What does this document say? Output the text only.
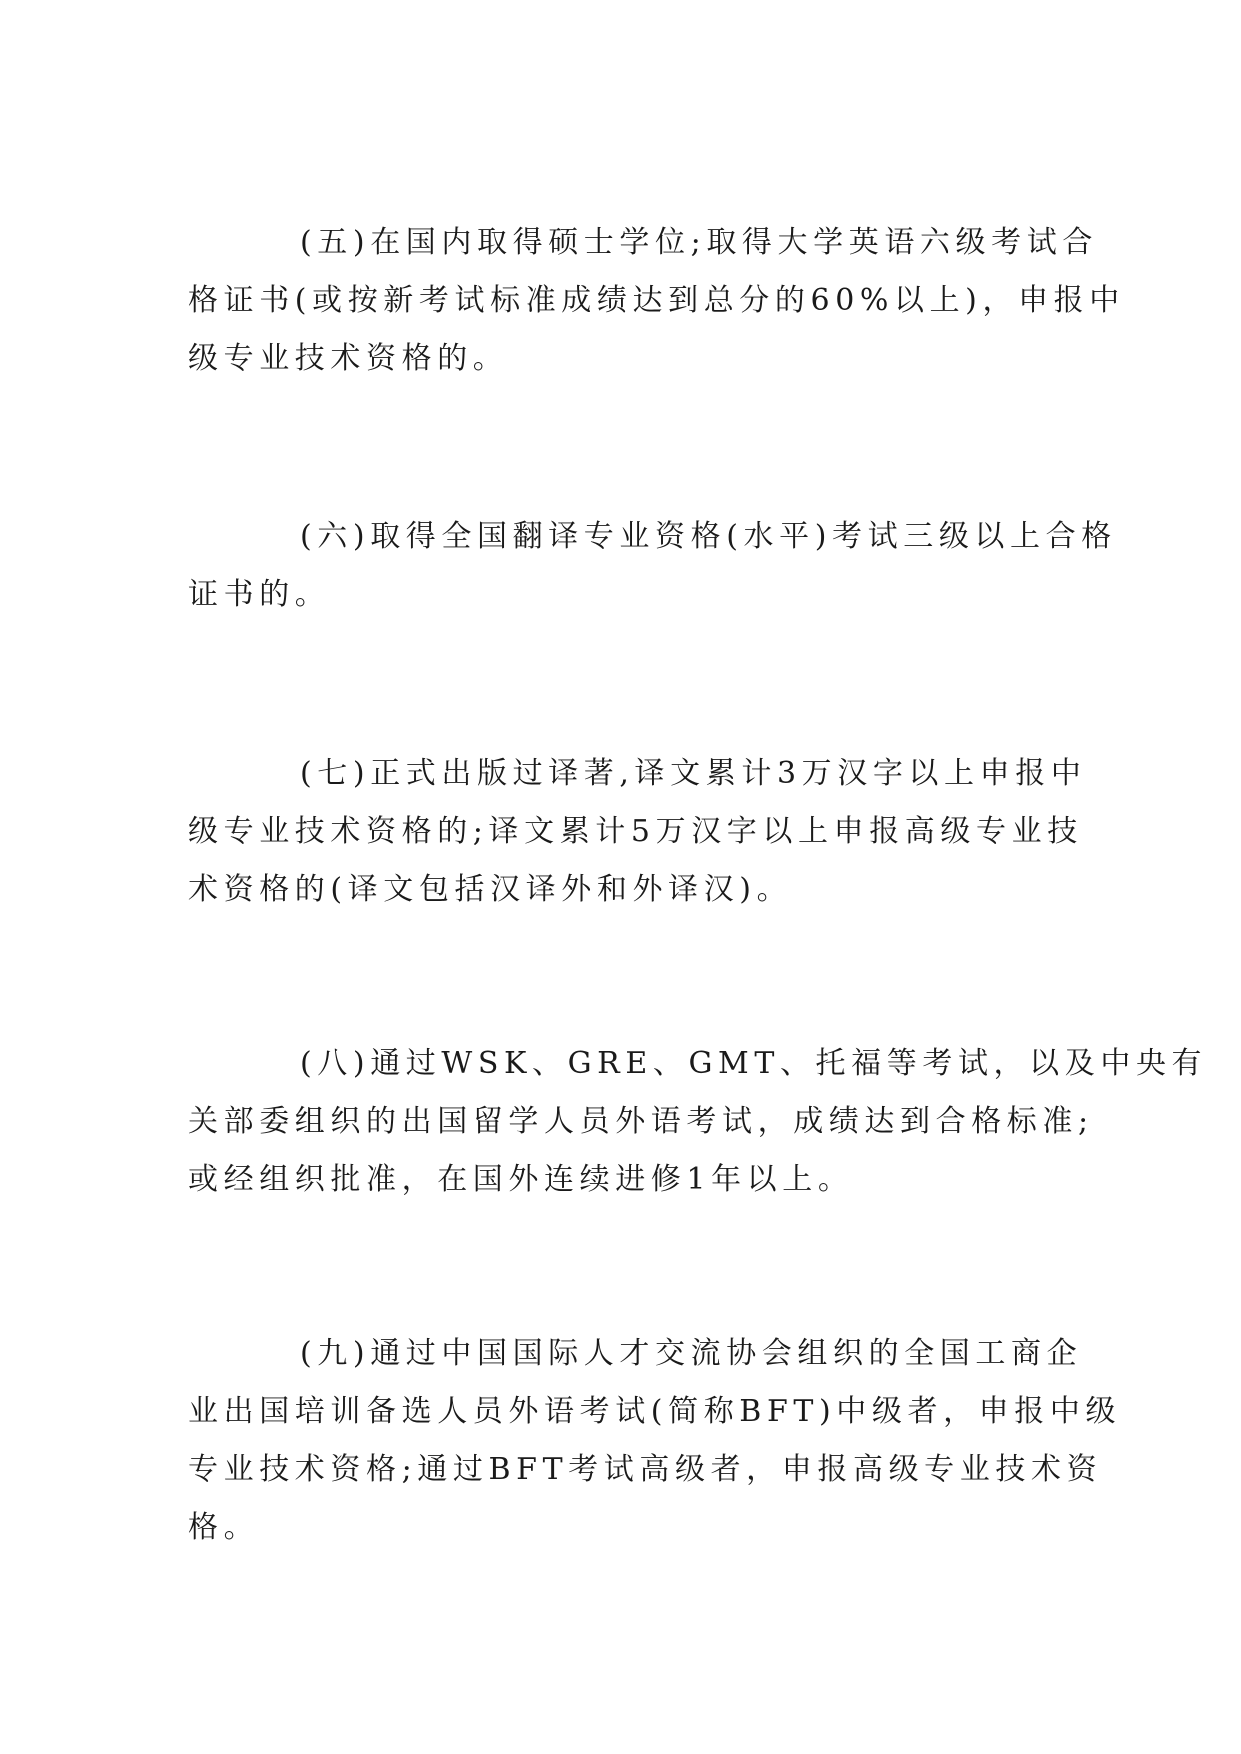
(五)在国内取得硕士学位;取得大学英语六级考试合
格证书(或按新考试标准成绩达到总分的60%以上)，申报中
级专业技术资格的。
(六)取得全国翻译专业资格(水平)考试三级以上合格
证书的。
(七)正式出版过译著,译文累计3万汉字以上申报中
级专业技术资格的;译文累计5万汉字以上申报高级专业技
术资格的(译文包括汉译外和外译汉)。
(八)通过WSK、GRE、GMT、托福等考试，以及中央有
关部委组织的出国留学人员外语考试，成绩达到合格标准;
或经组织批准，在国外连续进修1年以上。
(九)通过中国国际人才交流协会组织的全国工商企
业出国培训备选人员外语考试(简称BFT)中级者，申报中级
专业技术资格;通过BFT考试高级者，申报高级专业技术资
格。
